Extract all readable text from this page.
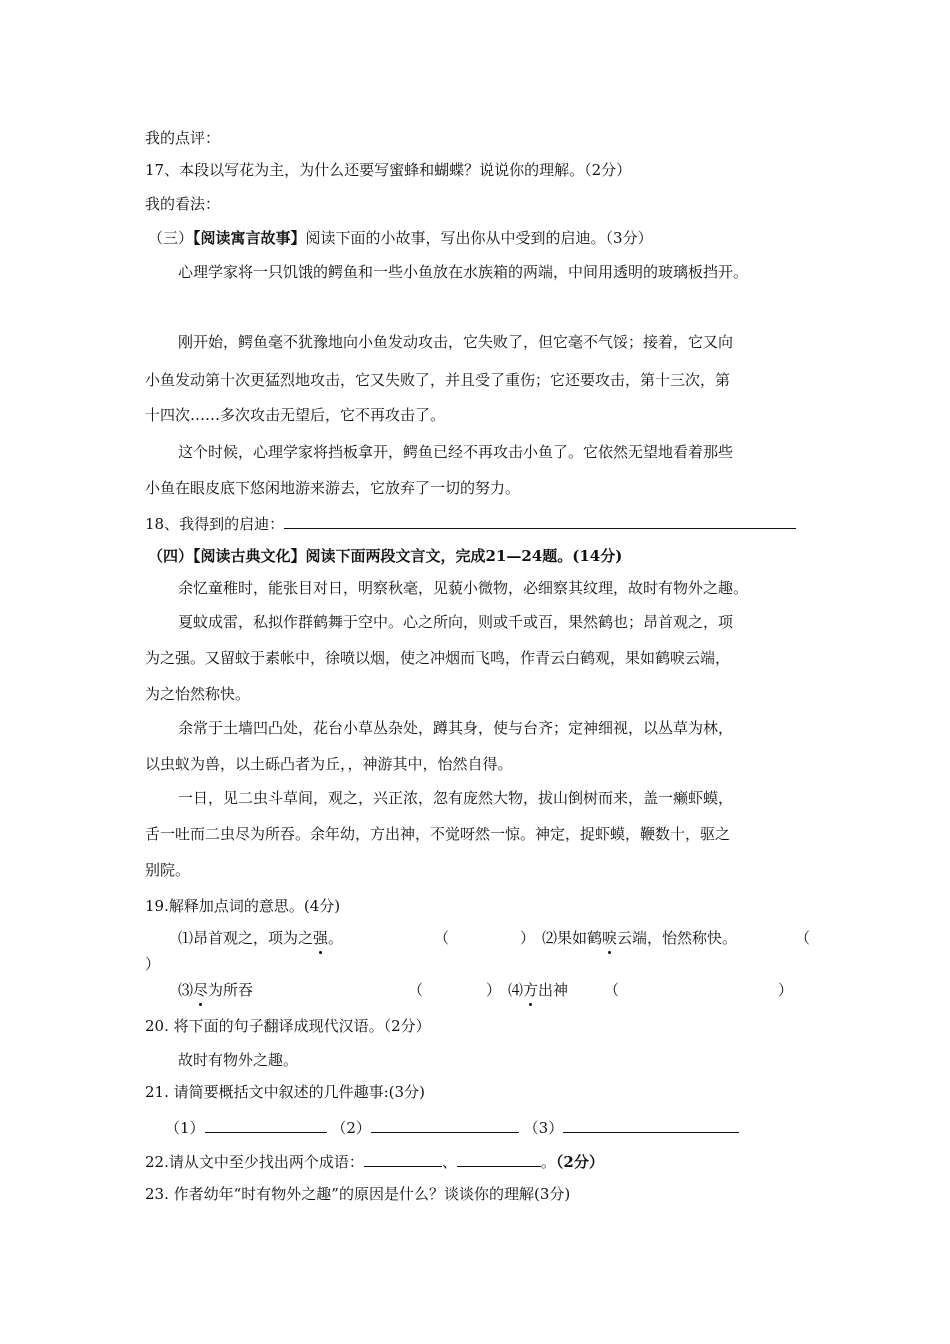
我的点评：
17、本段以写花为主，为什么还要写蜜蜂和蝴蝶？说说你的理解。（2分）
我的看法：
（三）【阅读寓言故事】阅读下面的小故事，写出你从中受到的启迪。（3分）
心理学家将一只饥饿的鳄鱼和一些小鱼放在水族箱的两端，中间用透明的玻璃板挡开。
刚开始，鳄鱼毫不犹豫地向小鱼发动攻击，它失败了，但它毫不气馁；接着，它又向
小鱼发动第十次更猛烈地攻击，它又失败了，并且受了重伤；它还要攻击，第十三次，第
十四次……多次攻击无望后，它不再攻击了。
这个时候，心理学家将挡板拿开，鳄鱼已经不再攻击小鱼了。它依然无望地看着那些
小鱼在眼皮底下悠闲地游来游去，它放弃了一切的努力。
18、我得到的启迪：
（四）【阅读古典文化】阅读下面两段文言文，完成21—24题。(14分)
余忆童稚时，能张目对日，明察秋毫，见藐小微物，必细察其纹理，故时有物外之趣。
夏蚊成雷，私拟作群鹤舞于空中。心之所向，则或千或百，果然鹤也；昂首观之，项
为之强。又留蚊于素帐中，徐喷以烟，使之冲烟而飞鸣，作青云白鹤观，果如鹤唳云端，
为之怡然称快。
余常于土墙凹凸处，花台小草丛杂处，蹲其身，使与台齐；定神细视，以丛草为林，
以虫蚁为兽，以土砾凸者为丘，，神游其中，怡然自得。
一日，见二虫斗草间，观之，兴正浓，忽有庞然大物，拔山倒树而来，盖一癞虾蟆，
舌一吐而二虫尽为所吞。余年幼，方出神，不觉呀然一惊。神定，捉虾蟆，鞭数十，驱之
别院。
19.解释加点词的意思。(4分)
⑴昂首观之，项为之强。	（	） ⑵果如鹤唳云端，怡然称快。	（
）
⑶尽为所吞	（	） ⑷方出神 （	）
20. 将下面的句子翻译成现代汉语。（2分）
故时有物外之趣。
21. 请简要概括文中叙述的几件趣事:(3分)
（1）	（2）	（3）
22.请从文中至少找出两个成语：	、	。（2分）
23. 作者幼年“时有物外之趣”的原因是什么？谈谈你的理解(3分)
